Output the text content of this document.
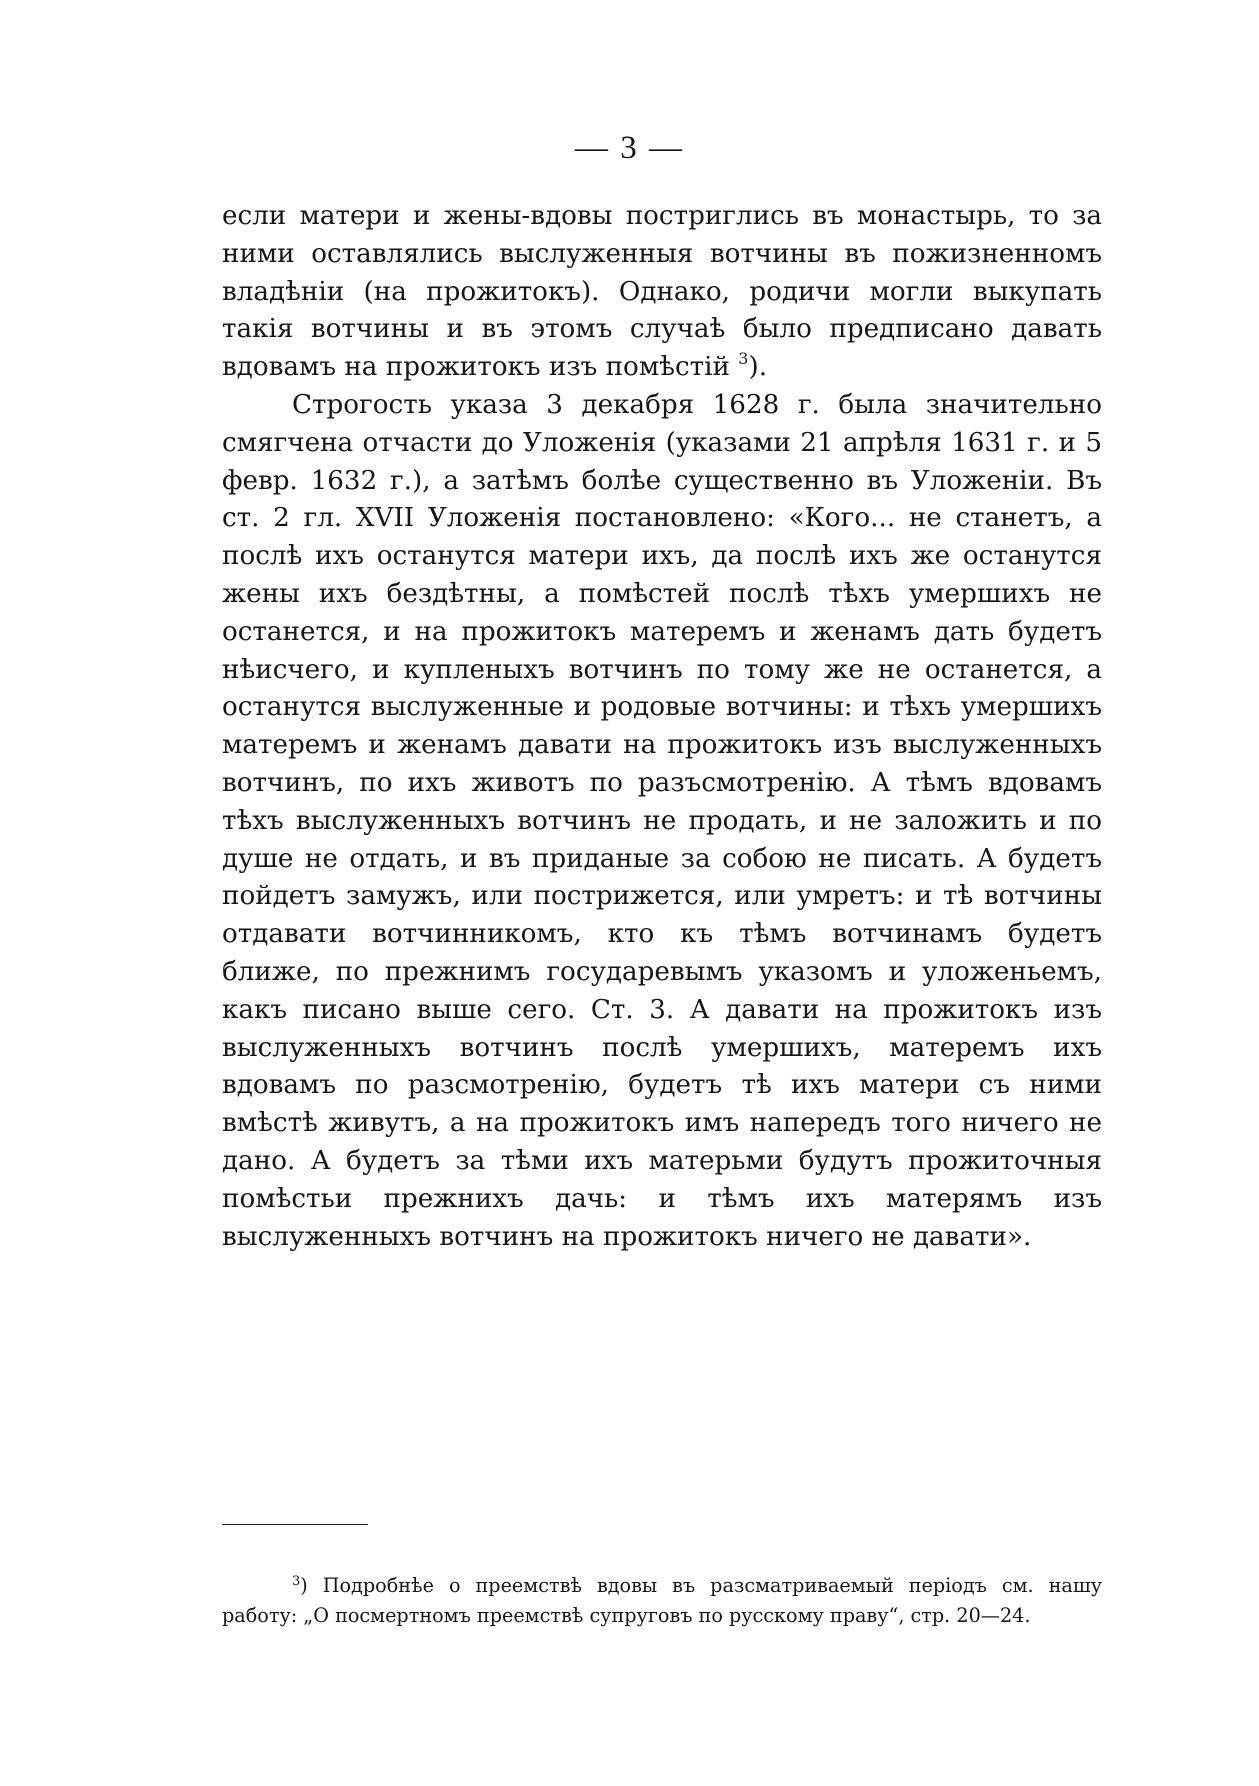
— 3 —

если матери и жены-вдовы постриглись въ монастырь, то за ними оставлялись выслуженныя вотчины въ пожизненномъ владѣніи (на прожитокъ). Однако, родичи могли выкупать такія вотчины и въ этомъ случаѣ было предписано давать вдовамъ на прожитокъ изъ помѣстій $^3$).

Строгость указа 3 декабря 1628 г. была значительно смягчена отчасти до Уложенія (указами 21 апрѣля 1631 г. и 5 февр. 1632 г.), а затѣмъ болѣе существенно въ Уложеніи. Въ ст. 2 гл. XVII Уложенія постановлено: «Кого... не станетъ, а послѣ ихъ останутся матери ихъ, да послѣ ихъ же останутся жены ихъ бездѣтны, а помѣстей послѣ тѣхъ умершихъ не останется, и на прожитокъ матеремъ и женамъ дать будетъ нѣисчего, и купленыхъ вотчинъ по тому же не останется, а останутся выслуженные и родовые вотчины: и тѣхъ умершихъ матеремъ и женамъ давати на прожитокъ изъ выслуженныхъ вотчинъ, по ихъ животъ по разъсмотренію. А тѣмъ вдовамъ тѣхъ выслуженныхъ вотчинъ не продать, и не заложить и по душе не отдать, и въ приданые за собою не писать. А будетъ пойдетъ замужъ, или пострижется, или умретъ: и тѣ вотчины отдавати вотчинникомъ, кто къ тѣмъ вотчинамъ будетъ ближе, по прежнимъ государевымъ указомъ и уложеньемъ, какъ писано выше сего. Ст. 3. А давати на прожитокъ изъ выслуженныхъ вотчинъ послѣ умершихъ, матеремъ ихъ вдовамъ по разсмотренію, будетъ тѣ ихъ матери съ ними вмѣстѣ живутъ, а на прожитокъ имъ напередъ того ничего не дано. А будетъ за тѣми ихъ матерьми будутъ прожиточныя помѣстьи прежнихъ дачь: и тѣмъ ихъ матерямъ изъ выслуженныхъ вотчинъ на прожитокъ ничего не давати».

$^3$) Подробнѣе о преемствѣ вдовы въ разсматриваемый періодъ см. нашу работу: „О посмертномъ преемствѣ супруговъ по русскому праву“, стр. 20—24.
